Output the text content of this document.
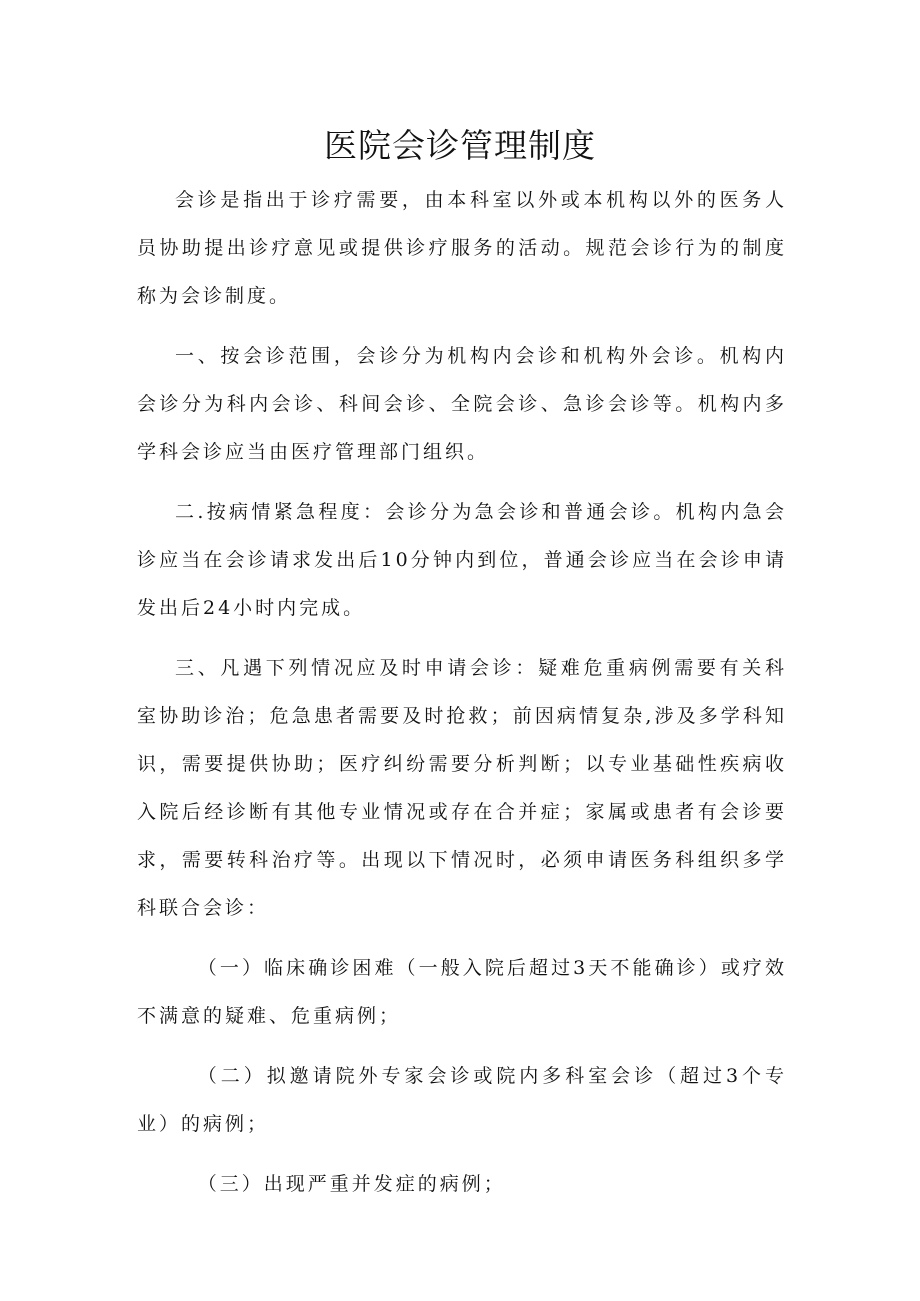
医院会诊管理制度

会诊是指出于诊疗需要，由本科室以外或本机构以外的医务人员协助提出诊疗意见或提供诊疗服务的活动。规范会诊行为的制度称为会诊制度。

一、按会诊范围，会诊分为机构内会诊和机构外会诊。机构内会诊分为科内会诊、科间会诊、全院会诊、急诊会诊等。机构内多学科会诊应当由医疗管理部门组织。

二.按病情紧急程度：会诊分为急会诊和普通会诊。机构内急会诊应当在会诊请求发出后10分钟内到位，普通会诊应当在会诊申请发出后24小时内完成。

三、凡遇下列情况应及时申请会诊：疑难危重病例需要有关科室协助诊治；危急患者需要及时抢救；前因病情复杂,涉及多学科知识，需要提供协助；医疗纠纷需要分析判断；以专业基础性疾病收入院后经诊断有其他专业情况或存在合并症；家属或患者有会诊要求，需要转科治疗等。出现以下情况时，必须申请医务科组织多学科联合会诊：

（一）临床确诊困难（一般入院后超过3天不能确诊）或疗效不满意的疑难、危重病例；

（二）拟邀请院外专家会诊或院内多科室会诊（超过3个专业）的病例；

（三）出现严重并发症的病例；
